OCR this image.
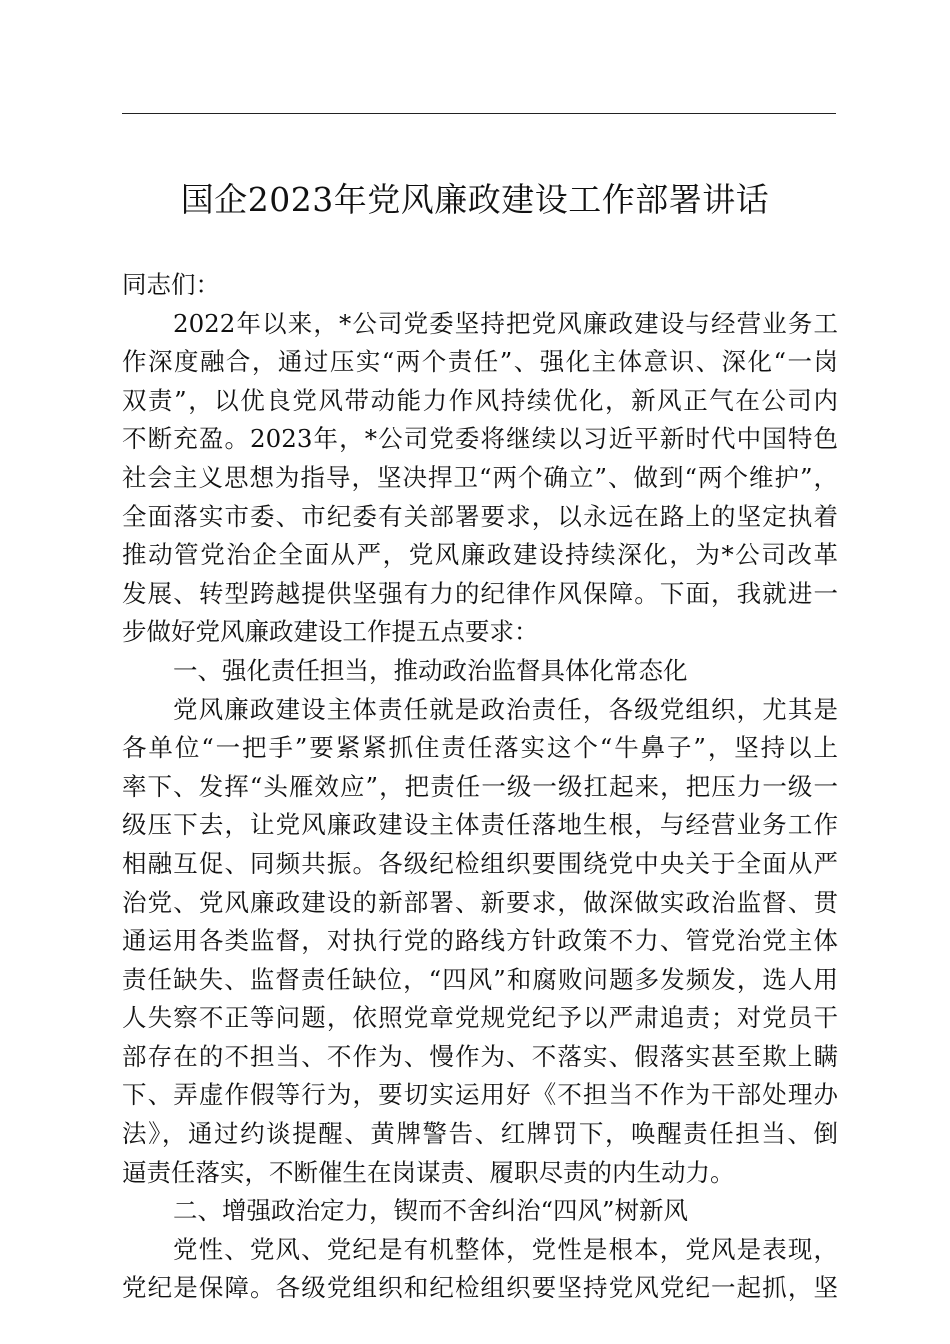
国企2023年党风廉政建设工作部署讲话
同志们：
2022年以来，*公司党委坚持把党风廉政建设与经营业务工
作深度融合，通过压实“两个责任”、强化主体意识、深化“一岗
双责”，以优良党风带动能力作风持续优化，新风正气在公司内
不断充盈。2023年，*公司党委将继续以习近平新时代中国特色
社会主义思想为指导，坚决捍卫“两个确立”、做到“两个维护”，
全面落实市委、市纪委有关部署要求，以永远在路上的坚定执着
推动管党治企全面从严，党风廉政建设持续深化，为*公司改革
发展、转型跨越提供坚强有力的纪律作风保障。下面，我就进一
步做好党风廉政建设工作提五点要求：
一、强化责任担当，推动政治监督具体化常态化
党风廉政建设主体责任就是政治责任，各级党组织，尤其是
各单位“一把手”要紧紧抓住责任落实这个“牛鼻子”，坚持以上
率下、发挥“头雁效应”，把责任一级一级扛起来，把压力一级一
级压下去，让党风廉政建设主体责任落地生根，与经营业务工作
相融互促、同频共振。各级纪检组织要围绕党中央关于全面从严
治党、党风廉政建设的新部署、新要求，做深做实政治监督、贯
通运用各类监督，对执行党的路线方针政策不力、管党治党主体
责任缺失、监督责任缺位，“四风”和腐败问题多发频发，选人用
人失察不正等问题，依照党章党规党纪予以严肃追责；对党员干
部存在的不担当、不作为、慢作为、不落实、假落实甚至欺上瞒
下、弄虚作假等行为，要切实运用好《不担当不作为干部处理办
法》，通过约谈提醒、黄牌警告、红牌罚下，唤醒责任担当、倒
逼责任落实，不断催生在岗谋责、履职尽责的内生动力。
二、增强政治定力，锲而不舍纠治“四风”树新风
党性、党风、党纪是有机整体，党性是根本，党风是表现，
党纪是保障。各级党组织和纪检组织要坚持党风党纪一起抓，坚
